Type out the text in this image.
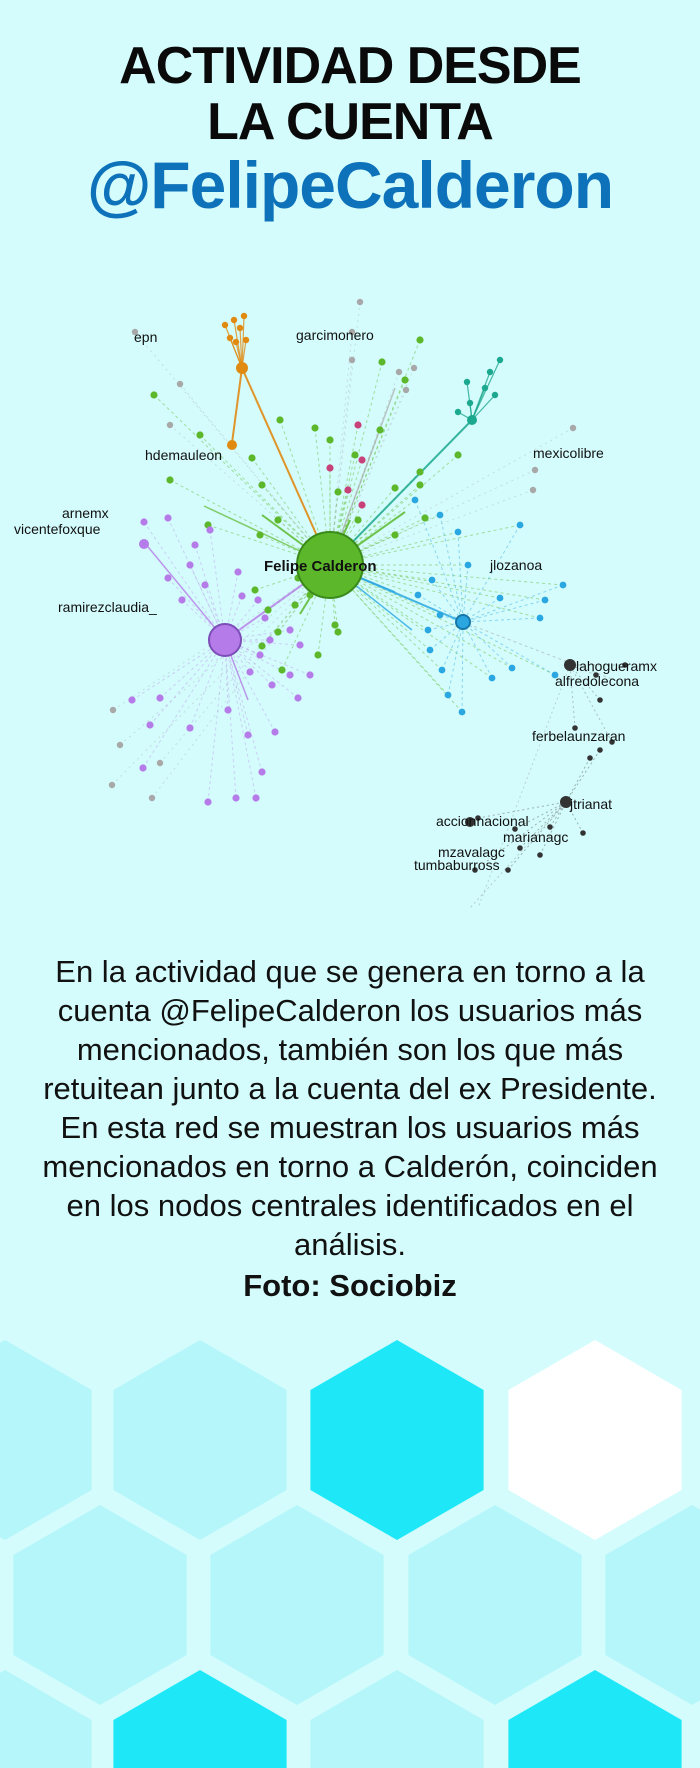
ACTIVIDAD DESDE
LA CUENTA
@FelipeCalderon
epn	garcimonero
hdemauleon	mexicolibre
arnemx
vicentefoxque
jlozanoa
ramirezclaudia_
lahogueramx
alfredolecona
ferbelaunzaran
jtrianat
accionnacional
marianagc
mzavalagc
tumbaburross
Felipe Calderon
En la actividad que se genera en torno a la cuenta @FelipeCalderon los usuarios más mencionados, también son los que más retuitean junto a la cuenta del ex Presidente. En esta red se muestran los usuarios más mencionados en torno a Calderón, coinciden en los nodos centrales identificados en el análisis.
Foto: Sociobiz
